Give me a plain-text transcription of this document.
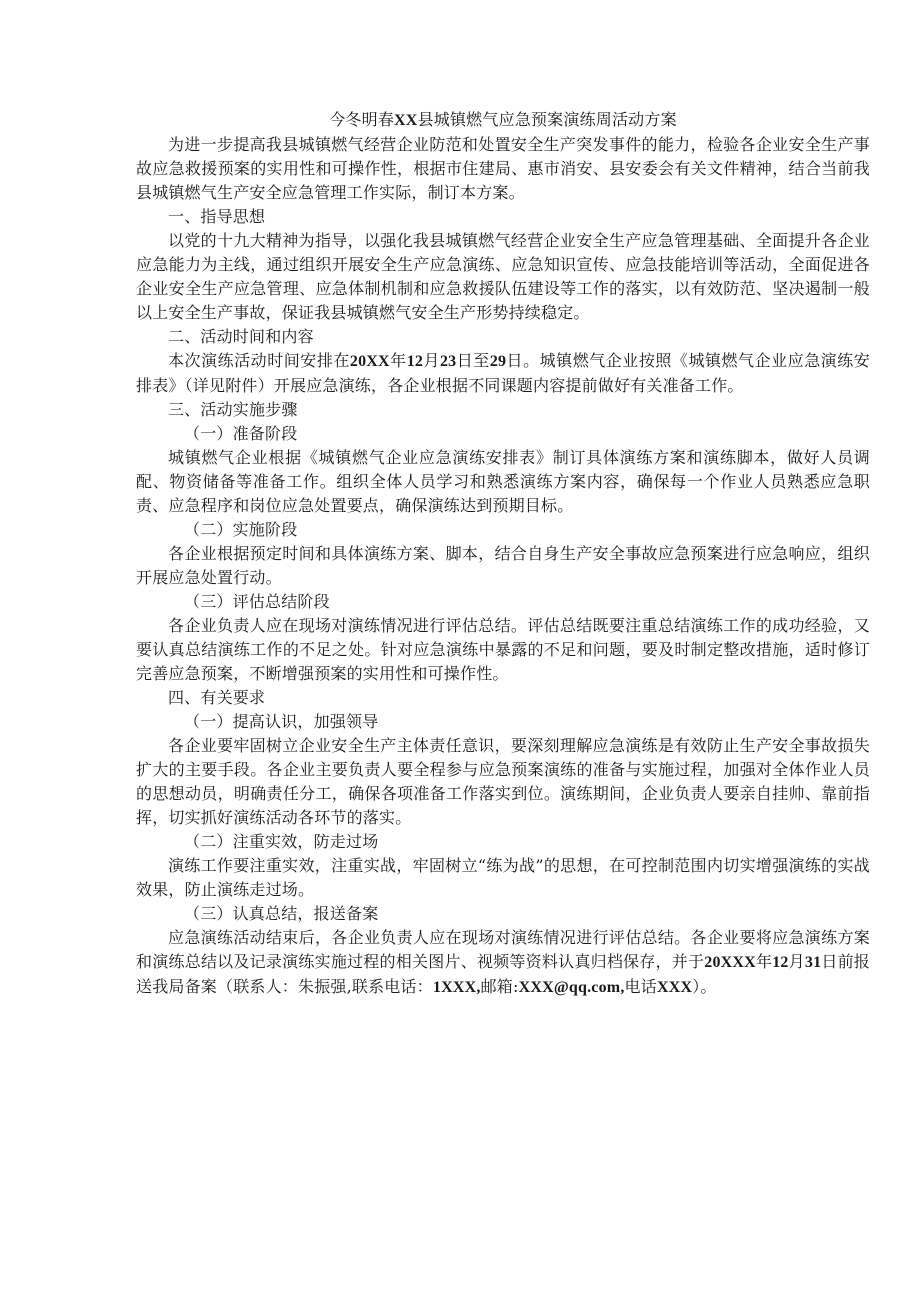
今冬明春XX县城镇燃气应急预案演练周活动方案

为进一步提高我县城镇燃气经营企业防范和处置安全生产突发事件的能力，检验各企业安全生产事故应急救援预案的实用性和可操作性，根据市住建局、惠市消安、县安委会有关文件精神，结合当前我县城镇燃气生产安全应急管理工作实际，制订本方案。

一、指导思想

以党的十九大精神为指导，以强化我县城镇燃气经营企业安全生产应急管理基础、全面提升各企业应急能力为主线，通过组织开展安全生产应急演练、应急知识宣传、应急技能培训等活动，全面促进各企业安全生产应急管理、应急体制机制和应急救援队伍建设等工作的落实，以有效防范、坚决遏制一般以上安全生产事故，保证我县城镇燃气安全生产形势持续稳定。

二、活动时间和内容

本次演练活动时间安排在20XX年12月23日至29日。城镇燃气企业按照《城镇燃气企业应急演练安排表》（详见附件）开展应急演练，各企业根据不同课题内容提前做好有关准备工作。

三、活动实施步骤
（一）准备阶段

城镇燃气企业根据《城镇燃气企业应急演练安排表》制订具体演练方案和演练脚本，做好人员调配、物资储备等准备工作。组织全体人员学习和熟悉演练方案内容，确保每一个作业人员熟悉应急职责、应急程序和岗位应急处置要点，确保演练达到预期目标。

（二）实施阶段

各企业根据预定时间和具体演练方案、脚本，结合自身生产安全事故应急预案进行应急响应，组织开展应急处置行动。

（三）评估总结阶段

各企业负责人应在现场对演练情况进行评估总结。评估总结既要注重总结演练工作的成功经验，又要认真总结演练工作的不足之处。针对应急演练中暴露的不足和问题，要及时制定整改措施，适时修订完善应急预案，不断增强预案的实用性和可操作性。

四、有关要求
（一）提高认识，加强领导

各企业要牢固树立企业安全生产主体责任意识，要深刻理解应急演练是有效防止生产安全事故损失扩大的主要手段。各企业主要负责人要全程参与应急预案演练的准备与实施过程，加强对全体作业人员的思想动员，明确责任分工，确保各项准备工作落实到位。演练期间，企业负责人要亲自挂帅、靠前指挥，切实抓好演练活动各环节的落实。

（二）注重实效，防走过场

演练工作要注重实效，注重实战，牢固树立“练为战”的思想，在可控制范围内切实增强演练的实战效果，防止演练走过场。

（三）认真总结，报送备案

应急演练活动结束后，各企业负责人应在现场对演练情况进行评估总结。各企业要将应急演练方案和演练总结以及记录演练实施过程的相关图片、视频等资料认真归档保存，并于20XXX年12月31日前报送我局备案（联系人：朱振强,联系电话：1XXX,邮箱:XXX@qq.com,电话XXX）。
